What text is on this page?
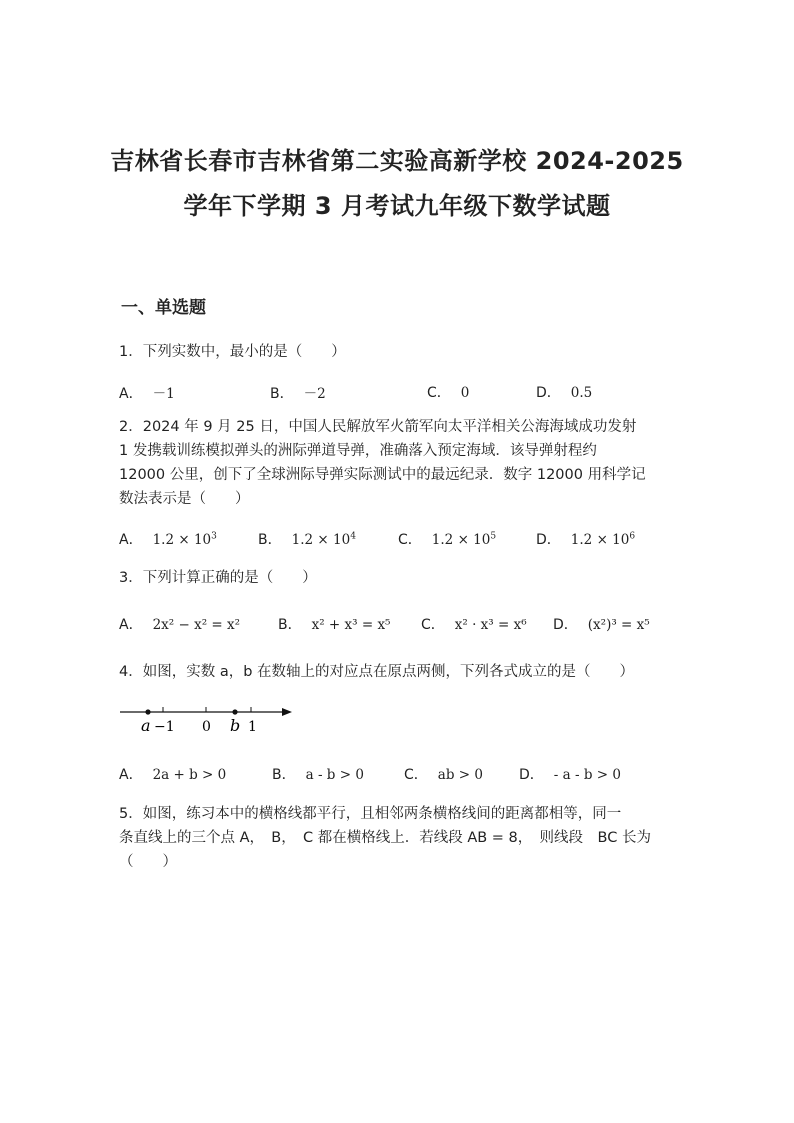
吉林省长春市吉林省第二实验高新学校 2024-2025
学年下学期 3 月考试九年级下数学试题
一、单选题
1．下列实数中，最小的是（　　）
A． －1	B． －2	C． 0	D． 0.5
2．2024 年 9 月 25 日，中国人民解放军火箭军向太平洋相关公海海域成功发射
1 发携载训练模拟弹头的洲际弹道导弹，准确落入预定海域．该导弹射程约
12000 公里，创下了全球洲际导弹实际测试中的最远纪录．数字 12000 用科学记
数法表示是（　　）
A． $1.2 \times 10^3$	B． $1.2 \times 10^4$	C． $1.2 \times 10^5$	D． $1.2 \times 10^6$
3．下列计算正确的是（　　）
A． 2x² − x² = x²	B． x² + x³ = x⁵ C． x² · x³ = x⁶ D． (x²)³ = x⁵
4．如图，实数 a，b 在数轴上的对应点在原点两侧，下列各式成立的是（　　）
a −1 0 b 1
A． 2a + b > 0	B． a - b > 0	C． ab > 0	D． - a - b > 0
5．如图，练习本中的横格线都平行，且相邻两条横格线间的距离都相等，同一
条直线上的三个点 A，　B，　C 都在横格线上．若线段 AB = 8，　则线段　BC 长为
（　　）
